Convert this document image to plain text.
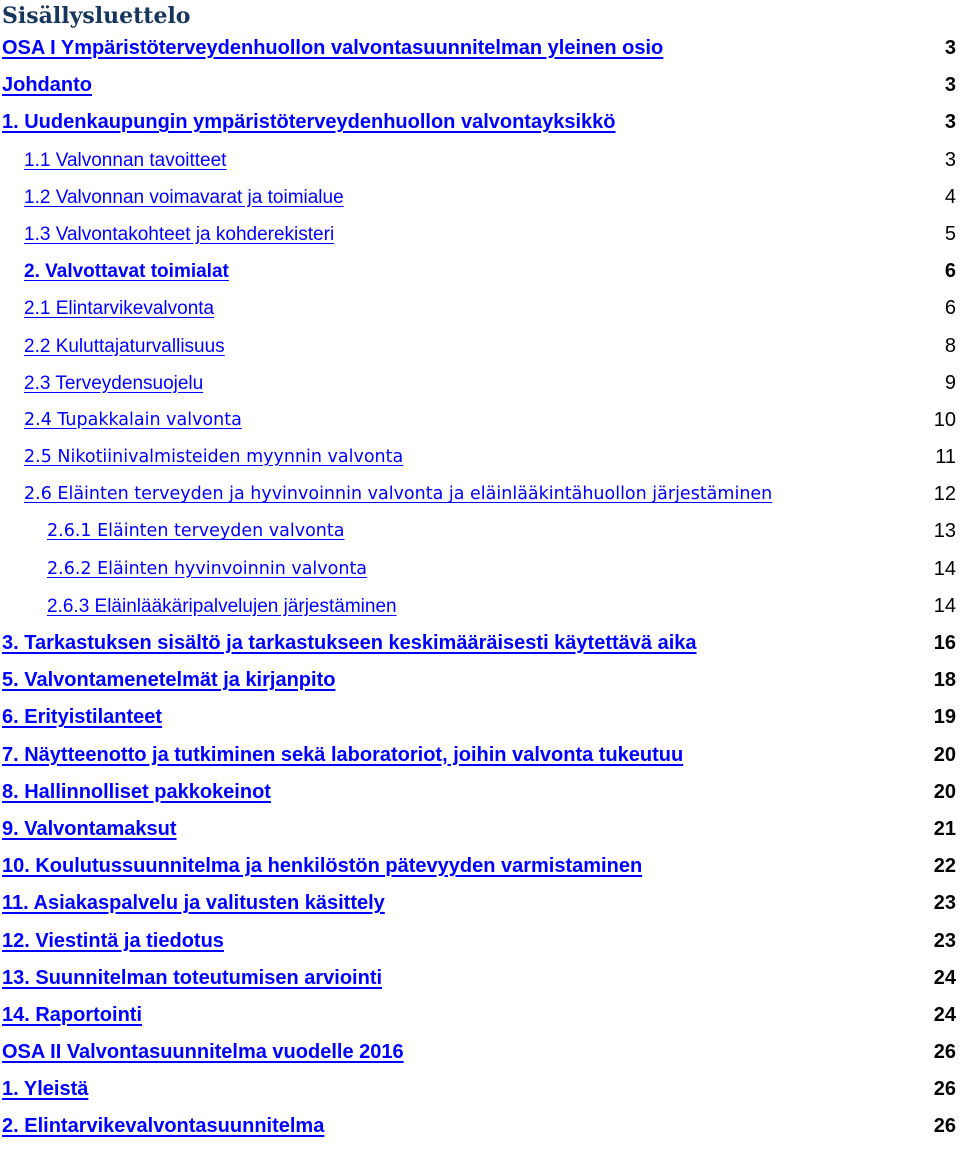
Sisällysluettelo
OSA I Ympäristöterveydenhuollon valvontasuunnitelman yleinen osio	3
Johdanto	3
1. Uudenkaupungin ympäristöterveydenhuollon valvontayksikkö	3
1.1 Valvonnan tavoitteet	3
1.2 Valvonnan voimavarat ja toimialue	4
1.3 Valvontakohteet ja kohderekisteri	5
2. Valvottavat toimialat	6
2.1 Elintarvikevalvonta	6
2.2 Kuluttajaturvallisuus	8
2.3 Terveydensuojelu	9
2.4 Tupakkalain valvonta	10
2.5 Nikotiinivalmisteiden myynnin valvonta	11
2.6 Eläinten terveyden ja hyvinvoinnin valvonta ja eläinlääkintähuollon järjestäminen	12
2.6.1 Eläinten terveyden valvonta	13
2.6.2 Eläinten hyvinvoinnin valvonta	14
2.6.3 Eläinlääkäripalvelujen järjestäminen	14
3. Tarkastuksen sisältö ja tarkastukseen keskimääräisesti käytettävä aika	16
5. Valvontamenetelmät ja kirjanpito	18
6. Erityistilanteet	19
7. Näytteenotto ja tutkiminen sekä laboratoriot, joihin valvonta tukeutuu	20
8. Hallinnolliset pakkokeinot	20
9. Valvontamaksut	21
10. Koulutussuunnitelma ja henkilöstön pätevyyden varmistaminen	22
11. Asiakaspalvelu ja valitusten käsittely	23
12. Viestintä ja tiedotus	23
13. Suunnitelman toteutumisen arviointi	24
14. Raportointi	24
OSA II Valvontasuunnitelma vuodelle 2016	26
1. Yleistä	26
2. Elintarvikevalvontasuunnitelma	26
